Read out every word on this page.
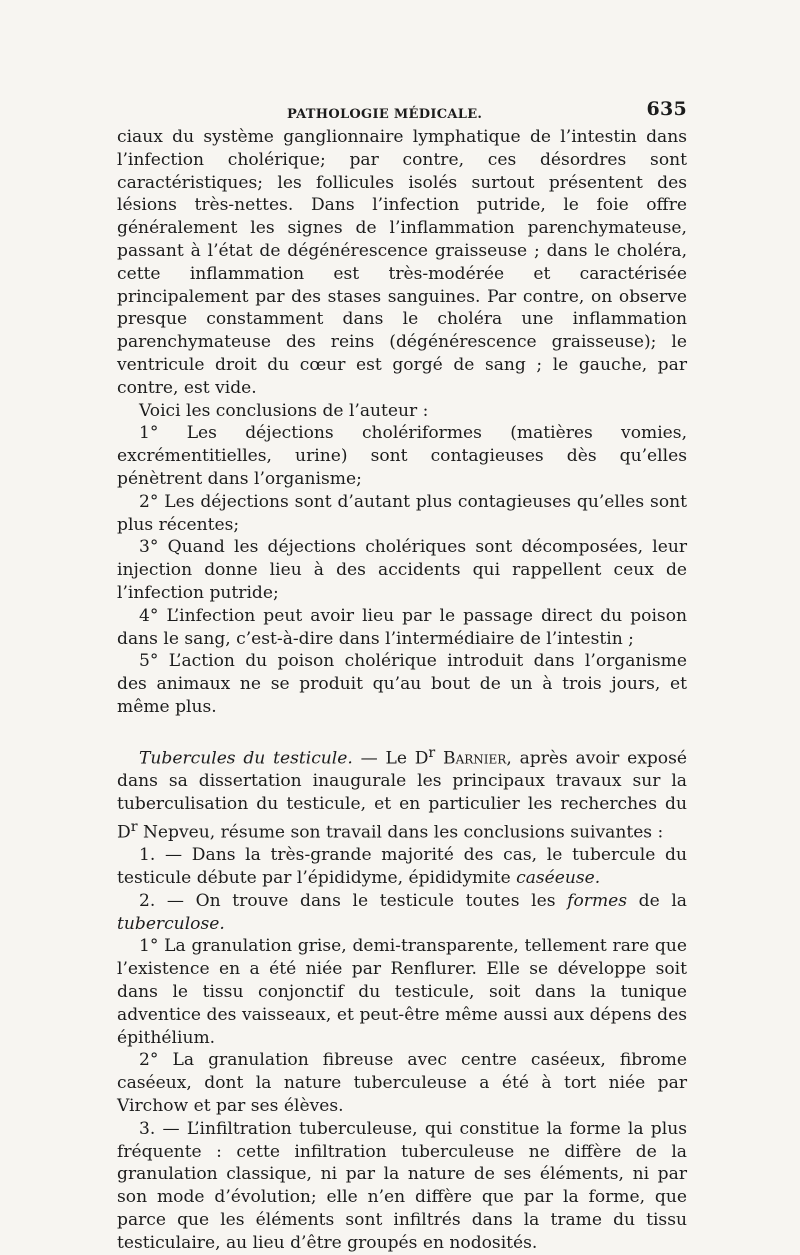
PATHOLOGIE MÉDICALE.	635

ciaux du système ganglionnaire lymphatique de l’intestin dans l’infection cholérique; par contre, ces désordres sont caractéristiques; les follicules isolés surtout présentent des lésions très-nettes. Dans l’infection putride, le foie offre généralement les signes de l’inflammation parenchymateuse, passant à l’état de dégénérescence graisseuse ; dans le choléra, cette inflammation est très-modérée et caractérisée principalement par des stases sanguines. Par contre, on observe presque constamment dans le choléra une inflammation parenchymateuse des reins (dégénérescence graisseuse); le ventricule droit du cœur est gorgé de sang ; le gauche, par contre, est vide.

Voici les conclusions de l’auteur :

1° Les déjections cholériformes (matières vomies, excrémentitielles, urine) sont contagieuses dès qu’elles pénètrent dans l’organisme;

2° Les déjections sont d’autant plus contagieuses qu’elles sont plus récentes;

3° Quand les déjections cholériques sont décomposées, leur injection donne lieu à des accidents qui rappellent ceux de l’infection putride;

4° L’infection peut avoir lieu par le passage direct du poison dans le sang, c’est-à-dire dans l’intermédiaire de l’intestin ;

5° L’action du poison cholérique introduit dans l’organisme des animaux ne se produit qu’au bout de un à trois jours, et même plus.

Tubercules du testicule. — Le $D^r$ Barnier, après avoir exposé dans sa dissertation inaugurale les principaux travaux sur la tuberculisation du testicule, et en particulier les recherches du $D^r$ Nepveu, résume son travail dans les conclusions suivantes :

1. — Dans la très-grande majorité des cas, le tubercule du testicule débute par l’épididyme, épididymite caséeuse.

2. — On trouve dans le testicule toutes les formes de la tuberculose.

1° La granulation grise, demi-transparente, tellement rare que l’existence en a été niée par Renflurer. Elle se développe soit dans le tissu conjonctif du testicule, soit dans la tunique adventice des vaisseaux, et peut-être même aussi aux dépens des épithélium.

2° La granulation fibreuse avec centre caséeux, fibrome caséeux, dont la nature tuberculeuse a été à tort niée par Virchow et par ses élèves.

3. — L’infiltration tuberculeuse, qui constitue la forme la plus fréquente : cette infiltration tuberculeuse ne diffère de la granulation classique, ni par la nature de ses éléments, ni par son mode d’évolution; elle n’en diffère que par la forme, que parce que les éléments sont infiltrés dans la trame du tissu testiculaire, au lieu d’être groupés en nodosités.
